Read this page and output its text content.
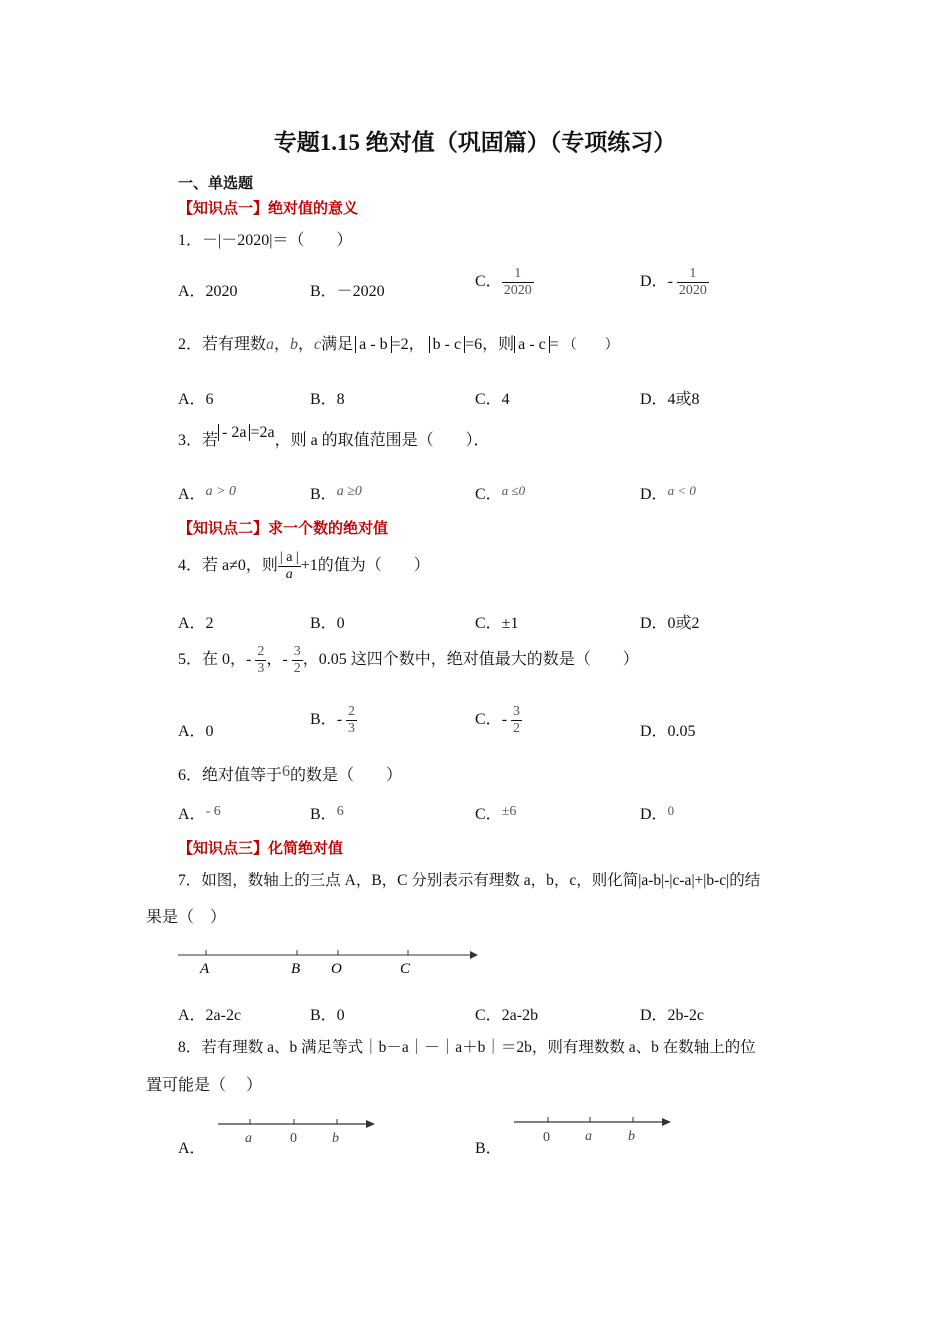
专题1.15 绝对值（巩固篇）（专项练习）
一、单选题
【知识点一】绝对值的意义
1．－|－2020|＝（　　）
A．2020	B．－2020
C． $\frac{1}{2020}$	D．- $\frac{1}{2020}$
2．若有理数a，b，c满足 a - b =2， b - c =6，则 a - c = （　　）
A．6	B．8	C．4	D．4或8
3．若 - 2a =2a，则 a 的取值范围是（　　）．
A．a > 0	B．a ≥0	C．$^{a \le 0}$	D．$^{a < 0}$
【知识点二】求一个数的绝对值
4．若 a≠0，则 $\frac{| a |}{a} +1$的值为（　　）
A．2	B．0	C．±1	D．0或2
5．在 0，- $\frac{2}{3}$ ，- $\frac{3}{2}$ ，0.05 这四个数中，绝对值最大的数是（　　）
A．0
B．- $\frac{2}{3}$	C．- $\frac{3}{2}$	D．0.05
6．绝对值等于6的数是（　　）
A．- 6	B．6	C．±6	D．$^0$
【知识点三】化简绝对值
7．如图，数轴上的三点 A，B，C 分别表示有理数 a，b，c，则化简|a-b|-|c-a|+|b-c|的结
果是（　）
A	B O	C
A．2a-2c	B．0	C．2a-2b	D．2b-2c
8．若有理数 a、b 满足等式｜b－a｜－｜a＋b｜＝2b，则有理数数 a、b 在数轴上的位
置可能是（　 ）
A．
a	0	b
B．
0	a	b
